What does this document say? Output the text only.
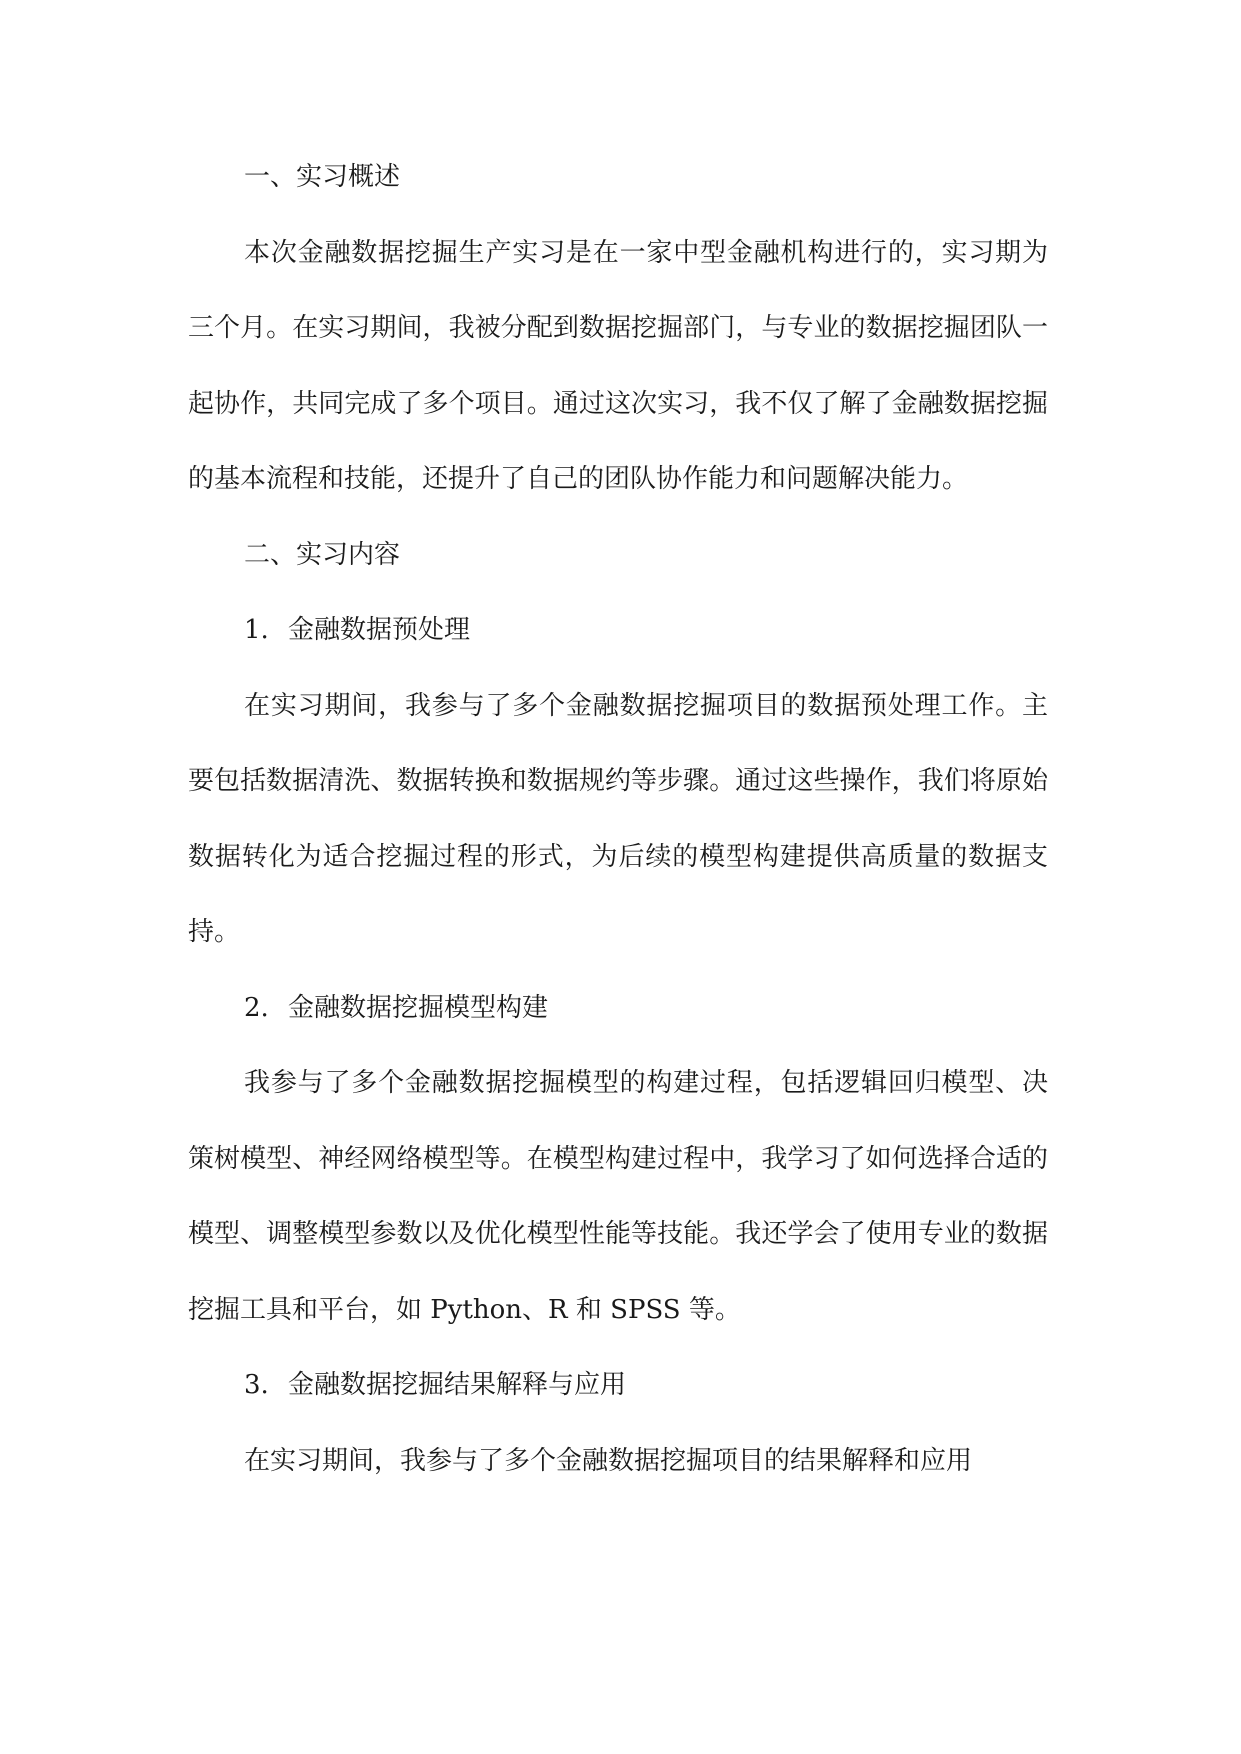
一、实习概述

本次金融数据挖掘生产实习是在一家中型金融机构进行的，实习期为三个月。在实习期间，我被分配到数据挖掘部门，与专业的数据挖掘团队一起协作，共同完成了多个项目。通过这次实习，我不仅了解了金融数据挖掘的基本流程和技能，还提升了自己的团队协作能力和问题解决能力。

二、实习内容

1. 金融数据预处理

在实习期间，我参与了多个金融数据挖掘项目的数据预处理工作。主要包括数据清洗、数据转换和数据规约等步骤。通过这些操作，我们将原始数据转化为适合挖掘过程的形式，为后续的模型构建提供高质量的数据支持。

2. 金融数据挖掘模型构建

我参与了多个金融数据挖掘模型的构建过程，包括逻辑回归模型、决策树模型、神经网络模型等。在模型构建过程中，我学习了如何选择合适的模型、调整模型参数以及优化模型性能等技能。我还学会了使用专业的数据挖掘工具和平台，如 Python、R 和 SPSS 等。

3. 金融数据挖掘结果解释与应用

在实习期间，我参与了多个金融数据挖掘项目的结果解释和应用
